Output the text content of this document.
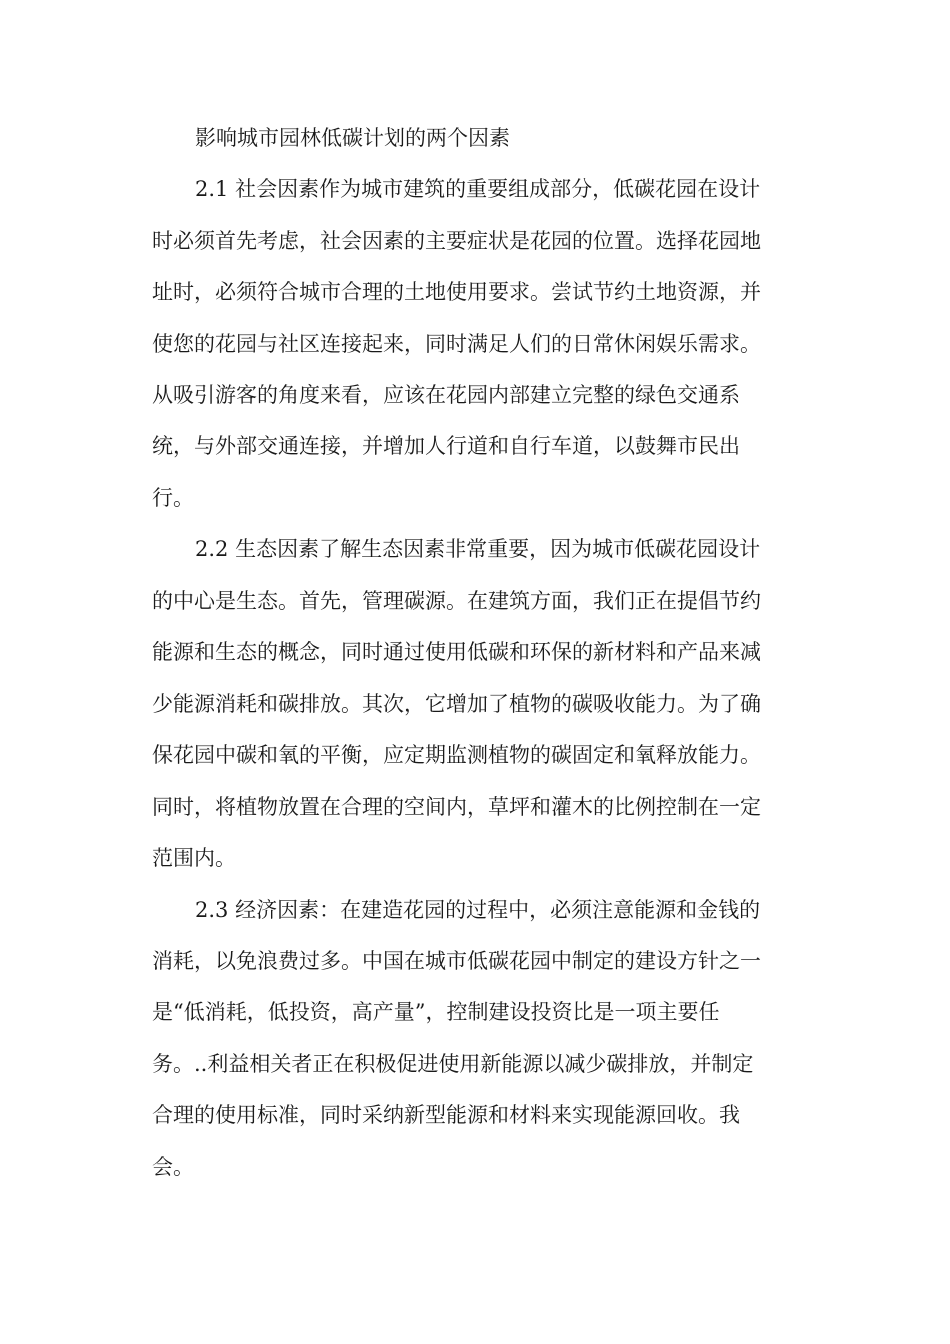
影响城市园林低碳计划的两个因素

2.1 社会因素作为城市建筑的重要组成部分，低碳花园在设计

时必须首先考虑，社会因素的主要症状是花园的位置。选择花园地

址时，必须符合城市合理的土地使用要求。尝试节约土地资源，并

使您的花园与社区连接起来，同时满足人们的日常休闲娱乐需求。

从吸引游客的角度来看，应该在花园内部建立完整的绿色交通系

统，与外部交通连接，并增加人行道和自行车道，以鼓舞市民出

行。

2.2 生态因素了解生态因素非常重要，因为城市低碳花园设计

的中心是生态。首先，管理碳源。在建筑方面，我们正在提倡节约

能源和生态的概念，同时通过使用低碳和环保的新材料和产品来减

少能源消耗和碳排放。其次，它增加了植物的碳吸收能力。为了确

保花园中碳和氧的平衡，应定期监测植物的碳固定和氧释放能力。

同时，将植物放置在合理的空间内，草坪和灌木的比例控制在一定

范围内。

2.3 经济因素：在建造花园的过程中，必须注意能源和金钱的

消耗，以免浪费过多。中国在城市低碳花园中制定的建设方针之一

是“低消耗，低投资，高产量”，控制建设投资比是一项主要任

务。..利益相关者正在积极促进使用新能源以减少碳排放，并制定

合理的使用标准，同时采纳新型能源和材料来实现能源回收。我

会。
